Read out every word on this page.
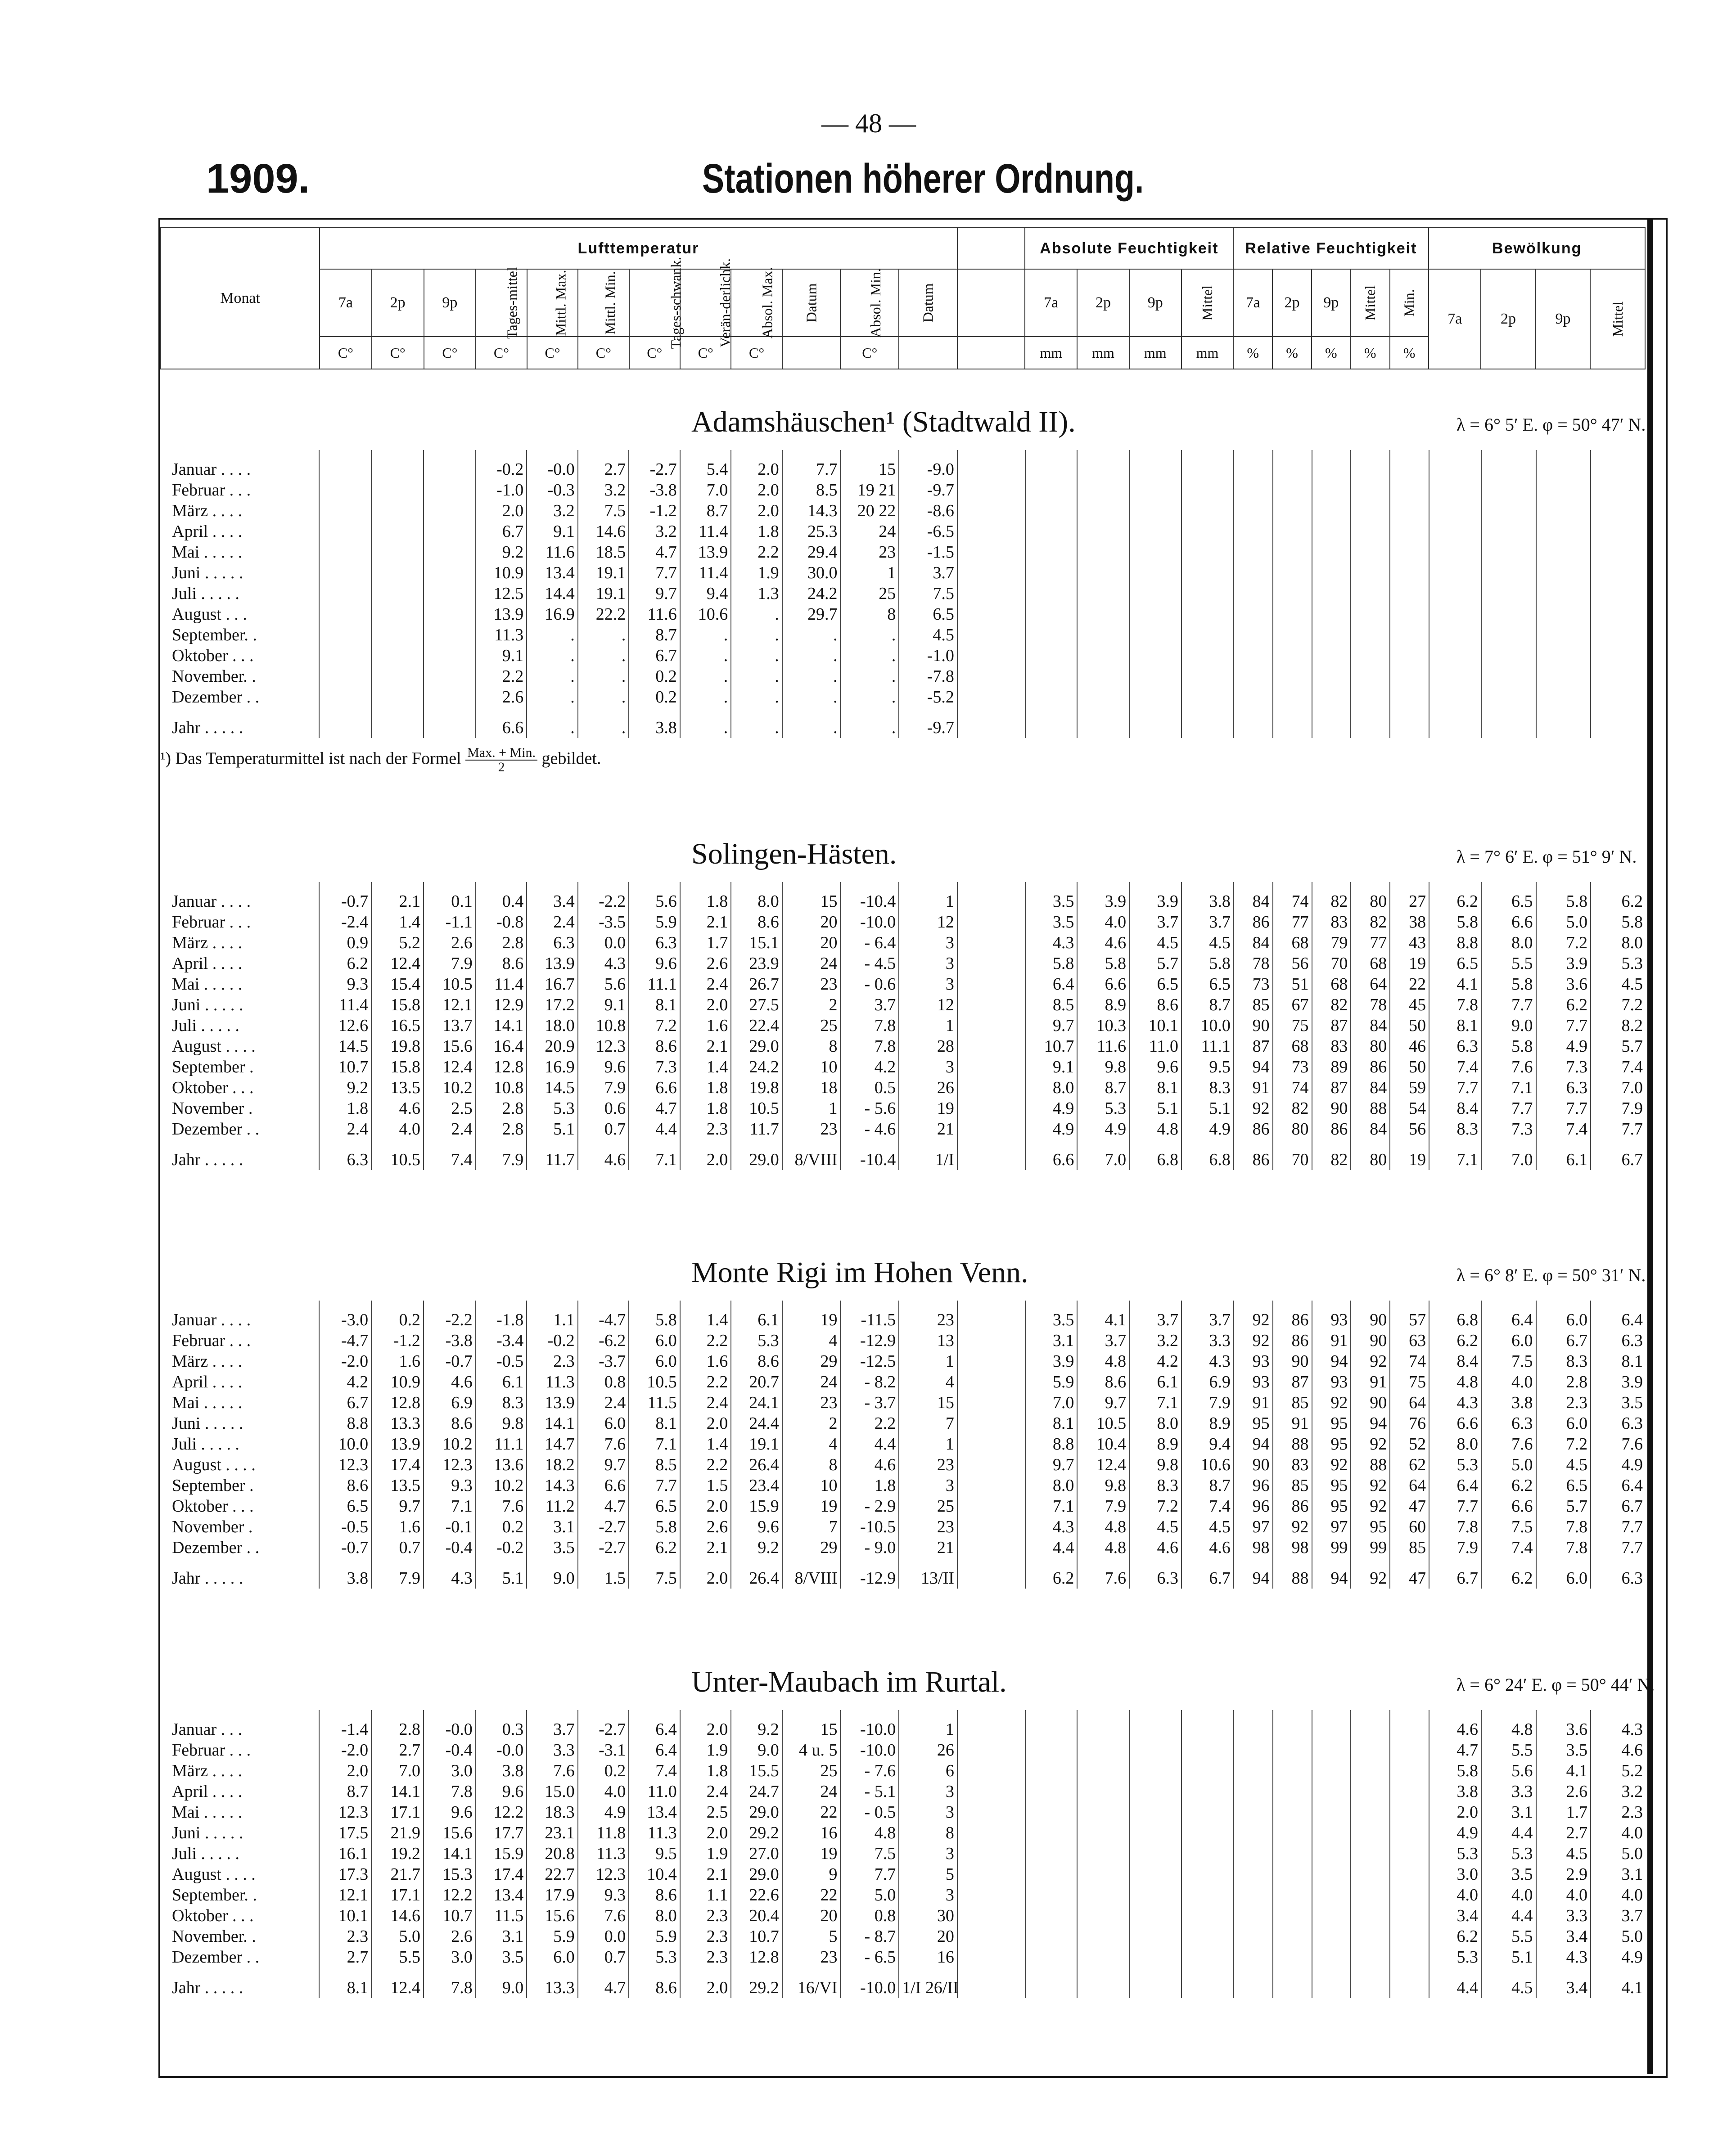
— 48 —
1909.	Stationen höherer Ordnung.
Monat	Lufttemperatur													Absolute Feuchtigkeit				Relative Feuchtigkeit					Bewölkung			
	7a	2p	9p	Tages-mittel	Mittl. Max.	Mittl. Min.	Tages-schwank.	Verän-derlichk.	Absol. Max.	Datum	Absol. Min.	Datum		7a	2p	9p	Mittel	7a	2p	9p	Mittel	Min.	7a	2p	9p	Mittel
	C°	C°	C°	C°	C°	C°	C°	C°	C°		C°			mm	mm	mm	mm	%	%	%	%	%				
Adamshäuschen¹ (Stadtwald II).	λ = 6° 5′ E. φ = 50° 47′ N.
Januar . . . .				-0.2	-0.0	2.7	-2.7	5.4	2.0	7.7	15	-9.0														
Februar . . .				-1.0	-0.3	3.2	-3.8	7.0	2.0	8.5	19 21	-9.7														
März . . . .				2.0	3.2	7.5	-1.2	8.7	2.0	14.3	20 22	-8.6														
April . . . .				6.7	9.1	14.6	3.2	11.4	1.8	25.3	24	-6.5														
Mai . . . . .				9.2	11.6	18.5	4.7	13.9	2.2	29.4	23	-1.5														
Juni . . . . .				10.9	13.4	19.1	7.7	11.4	1.9	30.0	1	3.7														
Juli . . . . .				12.5	14.4	19.1	9.7	9.4	1.3	24.2	25	7.5														
August . . .				13.9	16.9	22.2	11.6	10.6	.	29.7	8	6.5														
September. .				11.3	.	.	8.7	.	.	.	.	4.5														
Oktober . . .				9.1	.	.	6.7	.	.	.	.	-1.0														
November. .				2.2	.	.	0.2	.	.	.	.	-7.8														
Dezember . .				2.6	.	.	0.2	.	.	.	.	-5.2														
Jahr . . . . .				6.6	.	.	3.8	.	.	.	.	-9.7														
¹) Das Temperaturmittel ist nach der Formel $\frac{\text{Max. + Min.}}{2}$ gebildet.
Solingen-Hästen.	λ = 7° 6′ E. φ = 51° 9′ N.
Januar . . . .	-0.7	2.1	0.1	0.4	3.4	-2.2	5.6	1.8	8.0	15	-10.4	1		3.5	3.9	3.9	3.8	84	74	82	80	27	6.2	6.5	5.8	6.2
Februar . . .	-2.4	1.4	-1.1	-0.8	2.4	-3.5	5.9	2.1	8.6	20	-10.0	12		3.5	4.0	3.7	3.7	86	77	83	82	38	5.8	6.6	5.0	5.8
März . . . .	0.9	5.2	2.6	2.8	6.3	0.0	6.3	1.7	15.1	20	- 6.4	3		4.3	4.6	4.5	4.5	84	68	79	77	43	8.8	8.0	7.2	8.0
April . . . .	6.2	12.4	7.9	8.6	13.9	4.3	9.6	2.6	23.9	24	- 4.5	3		5.8	5.8	5.7	5.8	78	56	70	68	19	6.5	5.5	3.9	5.3
Mai . . . . .	9.3	15.4	10.5	11.4	16.7	5.6	11.1	2.4	26.7	23	- 0.6	3		6.4	6.6	6.5	6.5	73	51	68	64	22	4.1	5.8	3.6	4.5
Juni . . . . .	11.4	15.8	12.1	12.9	17.2	9.1	8.1	2.0	27.5	2	3.7	12		8.5	8.9	8.6	8.7	85	67	82	78	45	7.8	7.7	6.2	7.2
Juli . . . . .	12.6	16.5	13.7	14.1	18.0	10.8	7.2	1.6	22.4	25	7.8	1		9.7	10.3	10.1	10.0	90	75	87	84	50	8.1	9.0	7.7	8.2
August . . . .	14.5	19.8	15.6	16.4	20.9	12.3	8.6	2.1	29.0	8	7.8	28		10.7	11.6	11.0	11.1	87	68	83	80	46	6.3	5.8	4.9	5.7
September .	10.7	15.8	12.4	12.8	16.9	9.6	7.3	1.4	24.2	10	4.2	3		9.1	9.8	9.6	9.5	94	73	89	86	50	7.4	7.6	7.3	7.4
Oktober . . .	9.2	13.5	10.2	10.8	14.5	7.9	6.6	1.8	19.8	18	0.5	26		8.0	8.7	8.1	8.3	91	74	87	84	59	7.7	7.1	6.3	7.0
November .	1.8	4.6	2.5	2.8	5.3	0.6	4.7	1.8	10.5	1	- 5.6	19		4.9	5.3	5.1	5.1	92	82	90	88	54	8.4	7.7	7.7	7.9
Dezember . .	2.4	4.0	2.4	2.8	5.1	0.7	4.4	2.3	11.7	23	- 4.6	21		4.9	4.9	4.8	4.9	86	80	86	84	56	8.3	7.3	7.4	7.7
Jahr . . . . .	6.3	10.5	7.4	7.9	11.7	4.6	7.1	2.0	29.0	8/VIII	-10.4	1/I		6.6	7.0	6.8	6.8	86	70	82	80	19	7.1	7.0	6.1	6.7
Monte Rigi im Hohen Venn.	λ = 6° 8′ E. φ = 50° 31′ N.
Januar . . . .	-3.0	0.2	-2.2	-1.8	1.1	-4.7	5.8	1.4	6.1	19	-11.5	23		3.5	4.1	3.7	3.7	92	86	93	90	57	6.8	6.4	6.0	6.4
Februar . . .	-4.7	-1.2	-3.8	-3.4	-0.2	-6.2	6.0	2.2	5.3	4	-12.9	13		3.1	3.7	3.2	3.3	92	86	91	90	63	6.2	6.0	6.7	6.3
März . . . .	-2.0	1.6	-0.7	-0.5	2.3	-3.7	6.0	1.6	8.6	29	-12.5	1		3.9	4.8	4.2	4.3	93	90	94	92	74	8.4	7.5	8.3	8.1
April . . . .	4.2	10.9	4.6	6.1	11.3	0.8	10.5	2.2	20.7	24	- 8.2	4		5.9	8.6	6.1	6.9	93	87	93	91	75	4.8	4.0	2.8	3.9
Mai . . . . .	6.7	12.8	6.9	8.3	13.9	2.4	11.5	2.4	24.1	23	- 3.7	15		7.0	9.7	7.1	7.9	91	85	92	90	64	4.3	3.8	2.3	3.5
Juni . . . . .	8.8	13.3	8.6	9.8	14.1	6.0	8.1	2.0	24.4	2	2.2	7		8.1	10.5	8.0	8.9	95	91	95	94	76	6.6	6.3	6.0	6.3
Juli . . . . .	10.0	13.9	10.2	11.1	14.7	7.6	7.1	1.4	19.1	4	4.4	1		8.8	10.4	8.9	9.4	94	88	95	92	52	8.0	7.6	7.2	7.6
August . . . .	12.3	17.4	12.3	13.6	18.2	9.7	8.5	2.2	26.4	8	4.6	23		9.7	12.4	9.8	10.6	90	83	92	88	62	5.3	5.0	4.5	4.9
September .	8.6	13.5	9.3	10.2	14.3	6.6	7.7	1.5	23.4	10	1.8	3		8.0	9.8	8.3	8.7	96	85	95	92	64	6.4	6.2	6.5	6.4
Oktober . . .	6.5	9.7	7.1	7.6	11.2	4.7	6.5	2.0	15.9	19	- 2.9	25		7.1	7.9	7.2	7.4	96	86	95	92	47	7.7	6.6	5.7	6.7
November .	-0.5	1.6	-0.1	0.2	3.1	-2.7	5.8	2.6	9.6	7	-10.5	23		4.3	4.8	4.5	4.5	97	92	97	95	60	7.8	7.5	7.8	7.7
Dezember . .	-0.7	0.7	-0.4	-0.2	3.5	-2.7	6.2	2.1	9.2	29	- 9.0	21		4.4	4.8	4.6	4.6	98	98	99	99	85	7.9	7.4	7.8	7.7
Jahr . . . . .	3.8	7.9	4.3	5.1	9.0	1.5	7.5	2.0	26.4	8/VIII	-12.9	13/II		6.2	7.6	6.3	6.7	94	88	94	92	47	6.7	6.2	6.0	6.3
Unter-Maubach im Rurtal.	λ = 6° 24′ E. φ = 50° 44′ N.
Januar . . .	-1.4	2.8	-0.0	0.3	3.7	-2.7	6.4	2.0	9.2	15	-10.0	1											4.6	4.8	3.6	4.3
Februar . . .	-2.0	2.7	-0.4	-0.0	3.3	-3.1	6.4	1.9	9.0	4 u. 5	-10.0	26											4.7	5.5	3.5	4.6
März . . . .	2.0	7.0	3.0	3.8	7.6	0.2	7.4	1.8	15.5	25	- 7.6	6											5.8	5.6	4.1	5.2
April . . . .	8.7	14.1	7.8	9.6	15.0	4.0	11.0	2.4	24.7	24	- 5.1	3											3.8	3.3	2.6	3.2
Mai . . . . .	12.3	17.1	9.6	12.2	18.3	4.9	13.4	2.5	29.0	22	- 0.5	3											2.0	3.1	1.7	2.3
Juni . . . . .	17.5	21.9	15.6	17.7	23.1	11.8	11.3	2.0	29.2	16	4.8	8											4.9	4.4	2.7	4.0
Juli . . . . .	16.1	19.2	14.1	15.9	20.8	11.3	9.5	1.9	27.0	19	7.5	3											5.3	5.3	4.5	5.0
August . . . .	17.3	21.7	15.3	17.4	22.7	12.3	10.4	2.1	29.0	9	7.7	5											3.0	3.5	2.9	3.1
September. .	12.1	17.1	12.2	13.4	17.9	9.3	8.6	1.1	22.6	22	5.0	3											4.0	4.0	4.0	4.0
Oktober . . .	10.1	14.6	10.7	11.5	15.6	7.6	8.0	2.3	20.4	20	0.8	30											3.4	4.4	3.3	3.7
November. .	2.3	5.0	2.6	3.1	5.9	0.0	5.9	2.3	10.7	5	- 8.7	20											6.2	5.5	3.4	5.0
Dezember . .	2.7	5.5	3.0	3.5	6.0	0.7	5.3	2.3	12.8	23	- 6.5	16											5.3	5.1	4.3	4.9
Jahr . . . . .	8.1	12.4	7.8	9.0	13.3	4.7	8.6	2.0	29.2	16/VI	-10.0	1/I 26/II											4.4	4.5	3.4	4.1
